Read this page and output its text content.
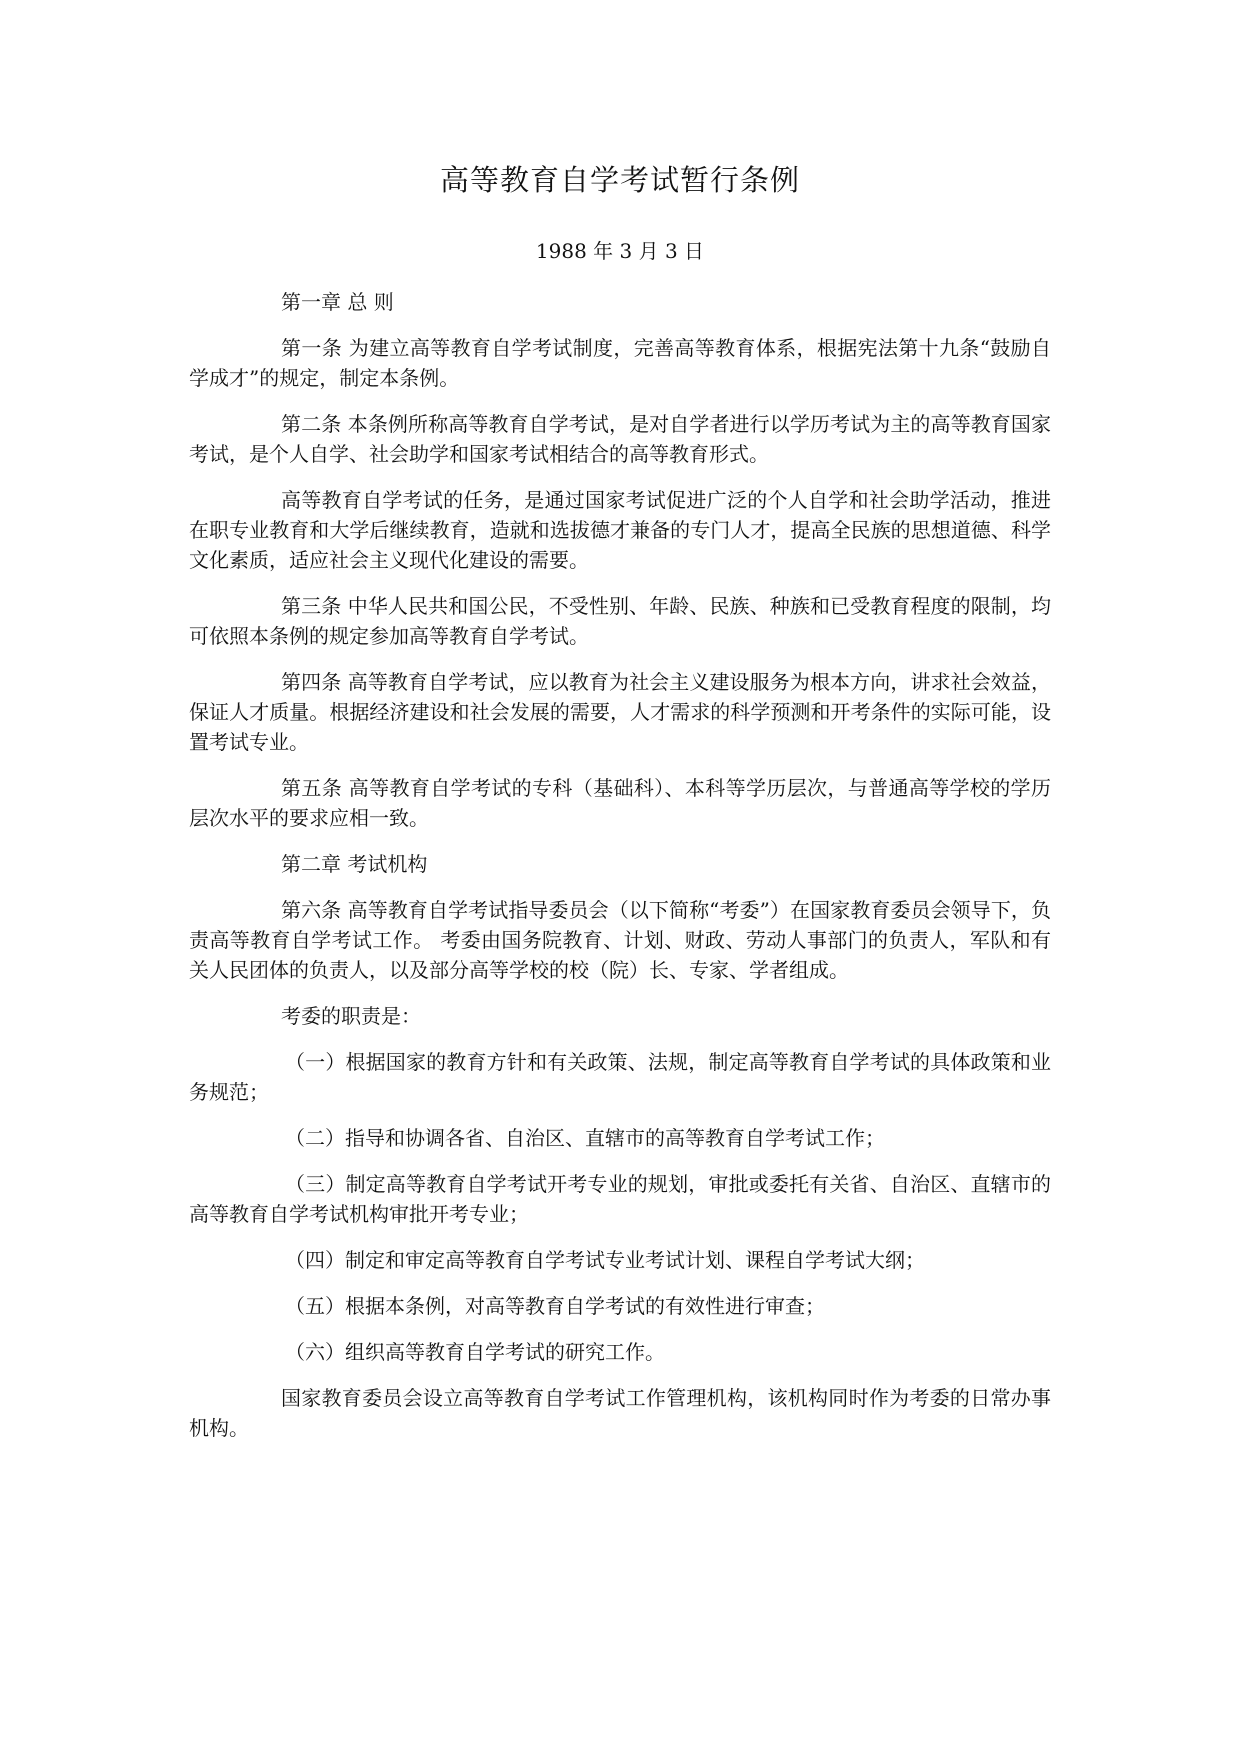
高等教育自学考试暂行条例
1988 年 3 月 3 日

第一章 总 则

第一条 为建立高等教育自学考试制度，完善高等教育体系，根据宪法第十九条“鼓励自学成才”的规定，制定本条例。

第二条 本条例所称高等教育自学考试，是对自学者进行以学历考试为主的高等教育国家考试，是个人自学、社会助学和国家考试相结合的高等教育形式。

高等教育自学考试的任务，是通过国家考试促进广泛的个人自学和社会助学活动，推进在职专业教育和大学后继续教育，造就和选拔德才兼备的专门人才，提高全民族的思想道德、科学文化素质，适应社会主义现代化建设的需要。

第三条 中华人民共和国公民，不受性别、年龄、民族、种族和已受教育程度的限制，均可依照本条例的规定参加高等教育自学考试。

第四条 高等教育自学考试，应以教育为社会主义建设服务为根本方向，讲求社会效益，保证人才质量。根据经济建设和社会发展的需要，人才需求的科学预测和开考条件的实际可能，设置考试专业。

第五条 高等教育自学考试的专科（基础科）、本科等学历层次，与普通高等学校的学历层次水平的要求应相一致。

第二章 考试机构

第六条 高等教育自学考试指导委员会（以下简称“考委”）在国家教育委员会领导下，负责高等教育自学考试工作。 考委由国务院教育、计划、财政、劳动人事部门的负责人，军队和有关人民团体的负责人，以及部分高等学校的校（院）长、专家、学者组成。

考委的职责是：

（一）根据国家的教育方针和有关政策、法规，制定高等教育自学考试的具体政策和业务规范；

（二）指导和协调各省、自治区、直辖市的高等教育自学考试工作；

（三）制定高等教育自学考试开考专业的规划，审批或委托有关省、自治区、直辖市的高等教育自学考试机构审批开考专业；

（四）制定和审定高等教育自学考试专业考试计划、课程自学考试大纲；

（五）根据本条例，对高等教育自学考试的有效性进行审查；

（六）组织高等教育自学考试的研究工作。

国家教育委员会设立高等教育自学考试工作管理机构，该机构同时作为考委的日常办事机构。
